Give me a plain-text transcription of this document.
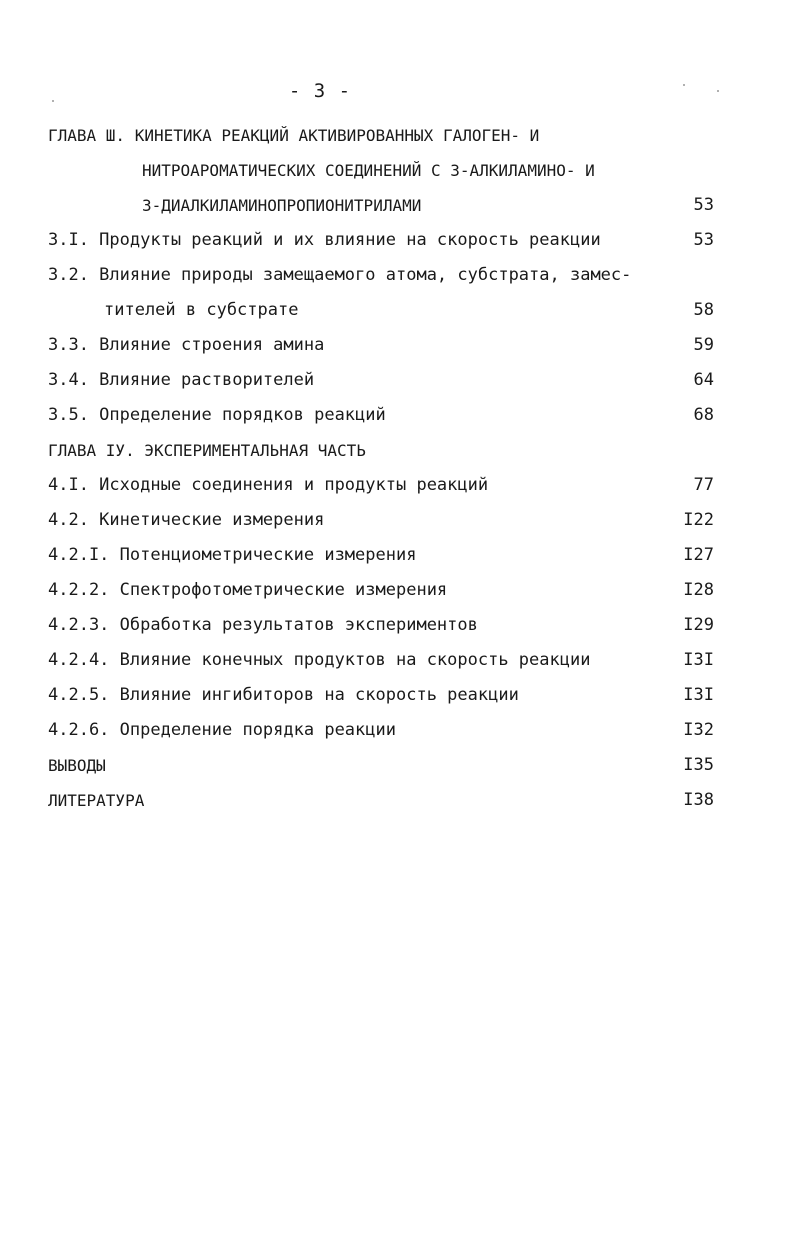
- 3 -
ГЛАВА Ш. КИНЕТИКА РЕАКЦИЙ АКТИВИРОВАННЫХ ГАЛОГЕН- И
НИТРОАРОМАТИЧЕСКИХ СОЕДИНЕНИЙ С 3-АЛКИЛАМИНО- И
3-ДИАЛКИЛАМИНОПРОПИОНИТРИЛАМИ	53
3.I. Продукты реакций и их влияние на скорость реакции	53
3.2. Влияние природы замещаемого атома, субстрата, замес-
тителей в субстрате	58
3.3. Влияние строения амина	59
3.4. Влияние растворителей	64
3.5. Определение порядков реакций	68
ГЛАВА IУ. ЭКСПЕРИМЕНТАЛЬНАЯ ЧАСТЬ
4.I. Исходные соединения и продукты реакций	77
4.2. Кинетические измерения	I22
4.2.I. Потенциометрические измерения	I27
4.2.2. Спектрофотометрические измерения	I28
4.2.3. Обработка результатов экспериментов	I29
4.2.4. Влияние конечных продуктов на скорость реакции	I3I
4.2.5. Влияние ингибиторов на скорость реакции	I3I
4.2.6. Определение порядка реакции	I32
ВЫВОДЫ	I35
ЛИТЕРАТУРА	I38
